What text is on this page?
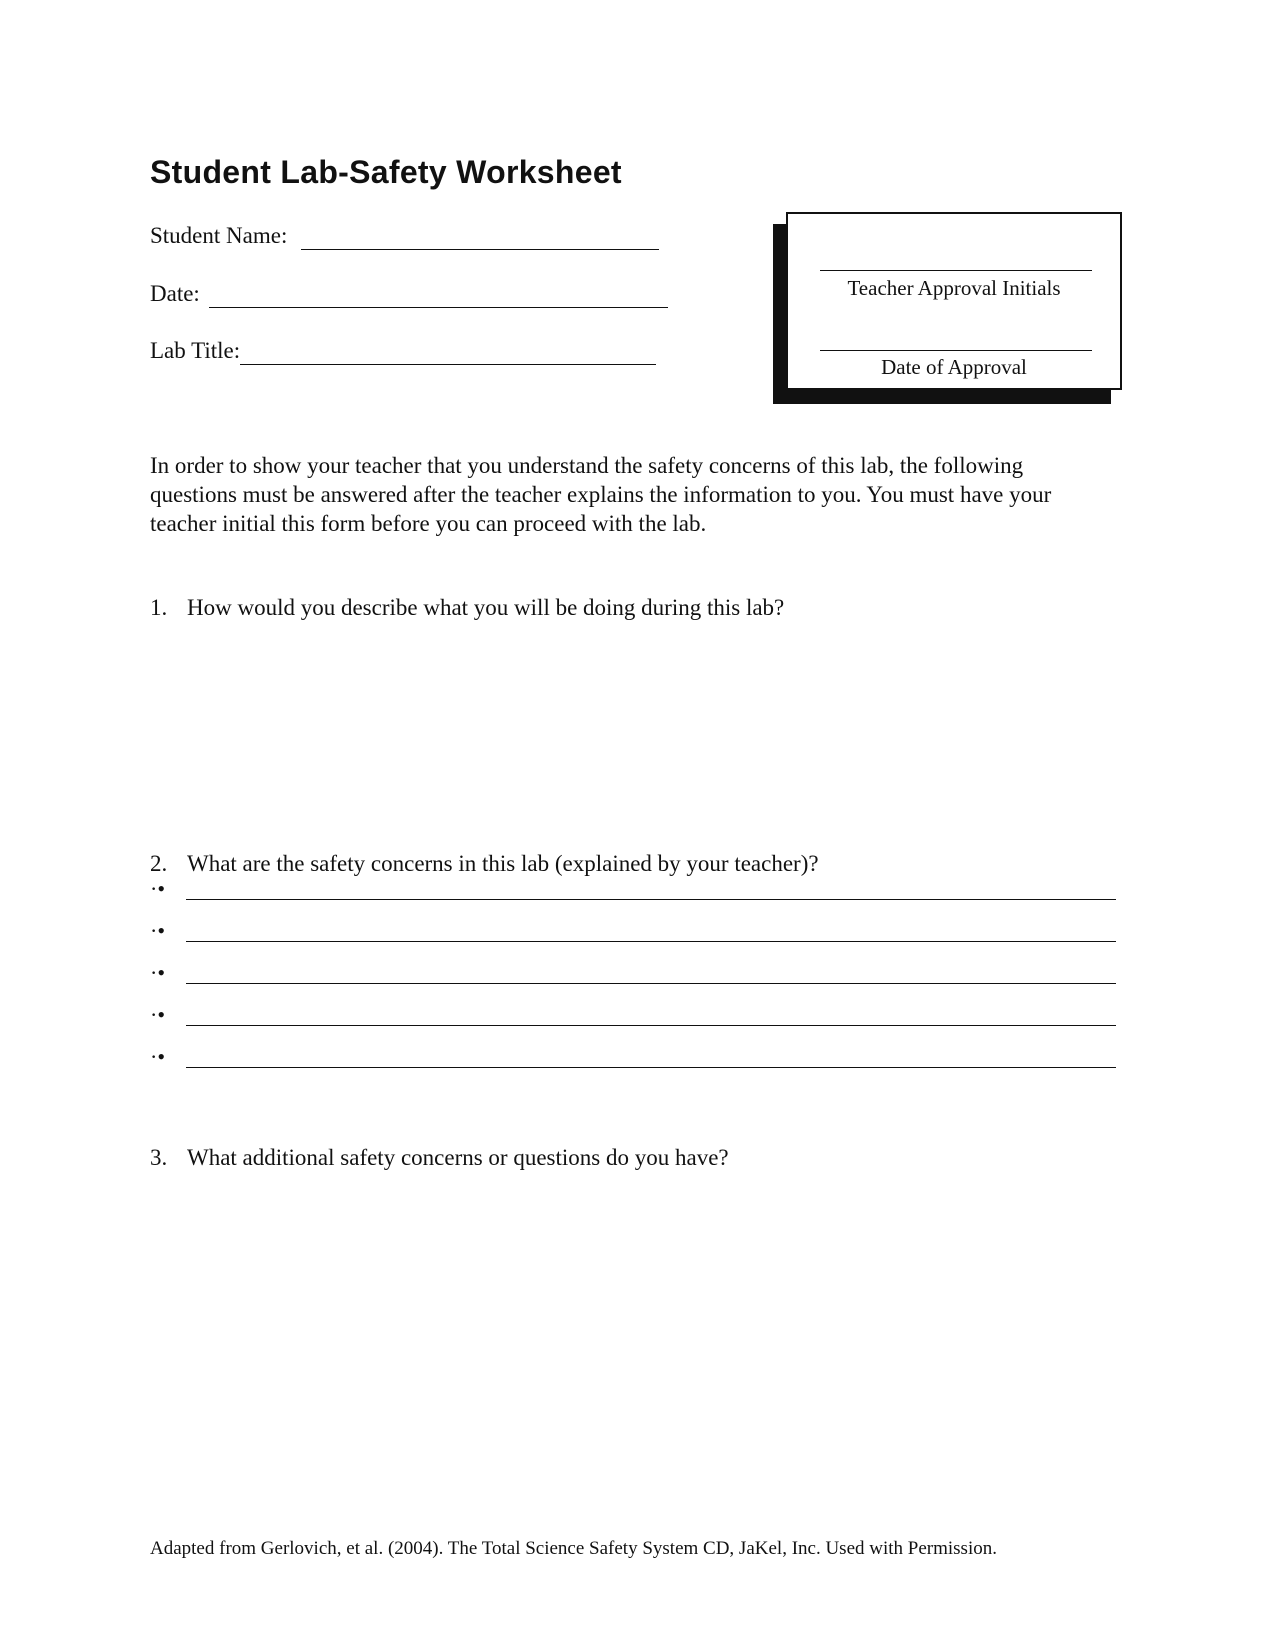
Student Lab-Safety Worksheet
Student Name:
Date:
Lab Title:
Teacher Approval Initials
Date of Approval

In order to show your teacher that you understand the safety concerns of this lab, the following questions must be answered after the teacher explains the information to you. You must have your teacher initial this form before you can proceed with the lab.

1. How would you describe what you will be doing during this lab?
2. What are the safety concerns in this lab (explained by your teacher)?
·•
·•
·•
·•
·•
3. What additional safety concerns or questions do you have?

Adapted from Gerlovich, et al. (2004). The Total Science Safety System CD, JaKel, Inc. Used with Permission.
